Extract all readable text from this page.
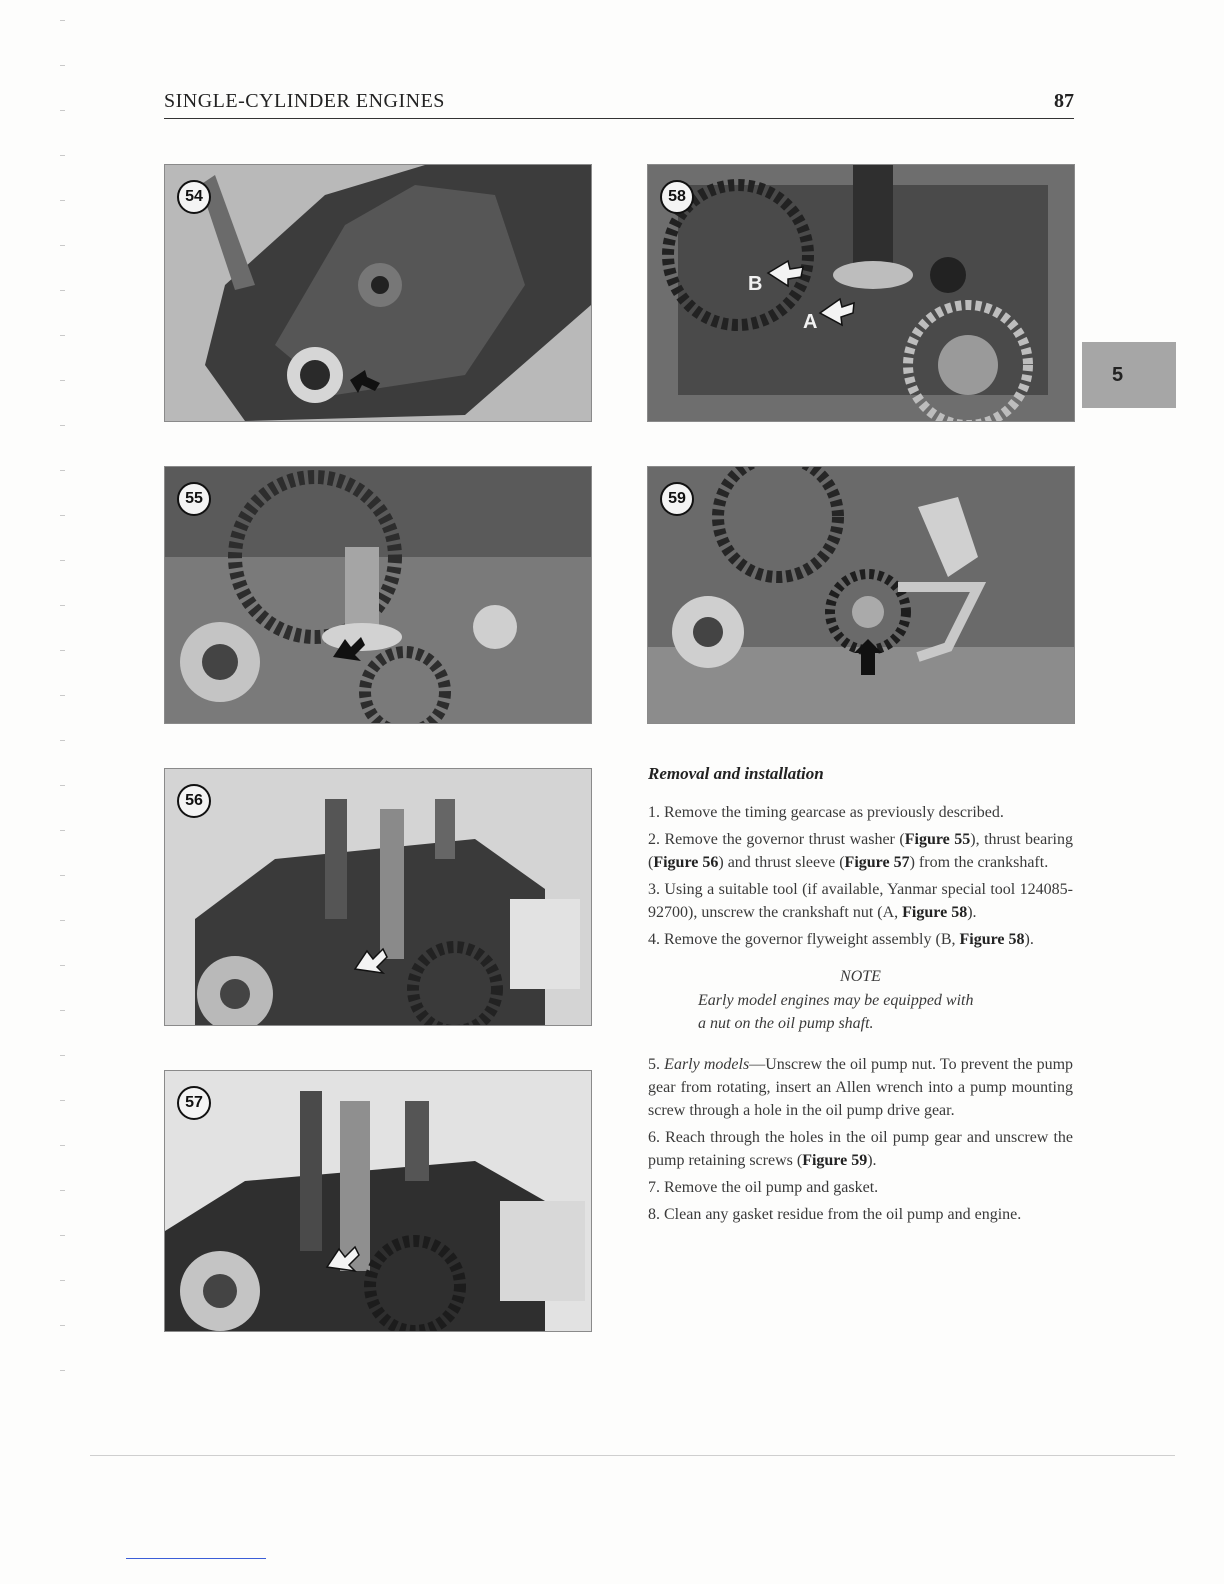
SINGLE-CYLINDER ENGINES	87
5
54	58
B
A
55	59
56
57
Removal and installation

1. Remove the timing gearcase as previously described.

2. Remove the governor thrust washer (Figure 55), thrust bearing (Figure 56) and thrust sleeve (Figure 57) from the crankshaft.

3. Using a suitable tool (if available, Yanmar special tool 124085-92700), unscrew the crankshaft nut (A, Figure 58).

4. Remove the governor flyweight assembly (B, Figure 58).

NOTE
Early model engines may be equipped with
a nut on the oil pump shaft.

5. Early models—Unscrew the oil pump nut. To prevent the pump gear from rotating, insert an Allen wrench into a pump mounting screw through a hole in the oil pump drive gear.

6. Reach through the holes in the oil pump gear and unscrew the pump retaining screws (Figure 59).

7. Remove the oil pump and gasket.

8. Clean any gasket residue from the oil pump and engine.
